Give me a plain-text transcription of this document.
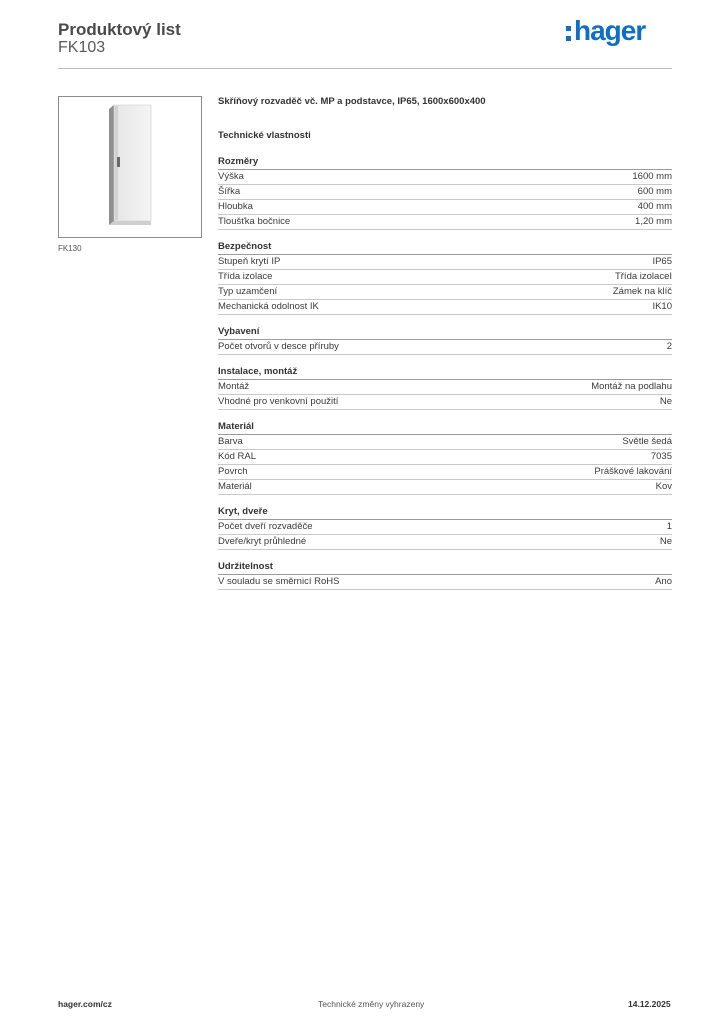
Produktový list
FK103
hager
FK130
Skříňový rozvaděč vč. MP a podstavce, IP65, 1600x600x400
Technické vlastnosti
Rozměry
Výška	1600 mm
Šířka	600 mm
Hloubka	400 mm
Tloušťka bočnice	1,20 mm
Bezpečnost
Stupeň krytí IP	IP65
Třída izolace	Třída izolaceI
Typ uzamčení	Zámek na klíč
Mechanická odolnost IK	IK10
Vybavení
Počet otvorů v desce příruby	2
Instalace, montáž
Montáž	Montáž na podlahu
Vhodné pro venkovní použití	Ne
Materiál
Barva	Světle šedá
Kód RAL	7035
Povrch	Práškové lakování
Materiál	Kov
Kryt, dveře
Počet dveří rozvaděče	1
Dveře/kryt průhledné	Ne
Udržitelnost
V souladu se směrnicí RoHS	Ano
hager.com/cz	Technické změny vyhrazeny	14.12.2025
